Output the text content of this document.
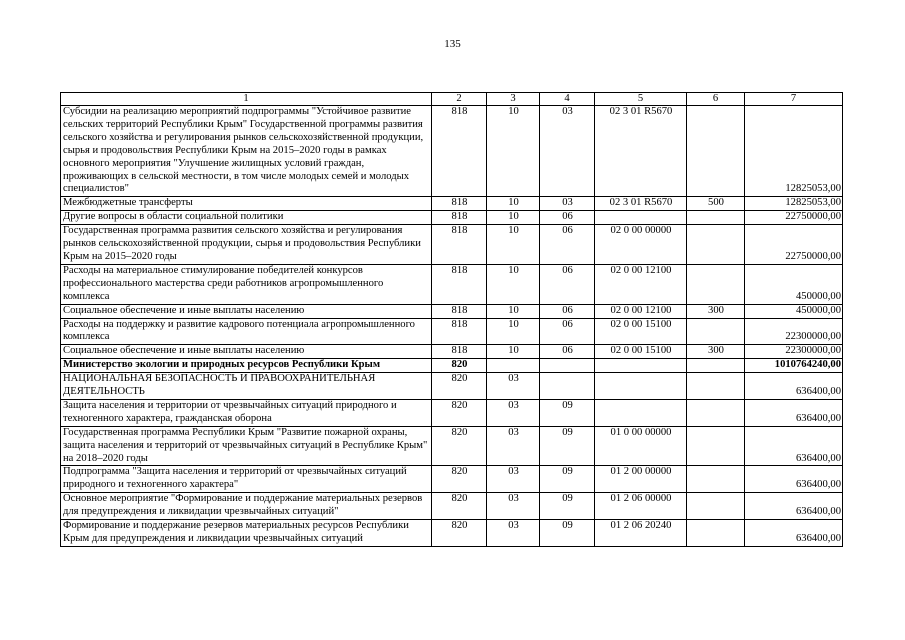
135
1	2	3	4	5	6	7
Субсидии на реализацию мероприятий подпрограммы "Устойчивое развитие сельских территорий Республики Крым" Государственной программы развития сельского хозяйства и регулирования рынков сельскохозяйственной продукции, сырья и продовольствия Республики Крым на 2015–2020 годы в рамках основного мероприятия "Улучшение жилищных условий граждан, проживающих в сельской местности, в том числе молодых семей и молодых специалистов"	818	10	03	02 3 01 R5670		12825053,00
Межбюджетные трансферты	818	10	03	02 3 01 R5670	500	12825053,00
Другие вопросы в области социальной политики	818	10	06			22750000,00
Государственная программа развития сельского хозяйства и регулирования рынков сельскохозяйственной продукции, сырья и продовольствия Республики Крым на 2015–2020 годы	818	10	06	02 0 00 00000		22750000,00
Расходы на материальное стимулирование победителей конкурсов профессионального мастерства среди работников агропромышленного комплекса	818	10	06	02 0 00 12100		450000,00
Социальное обеспечение и иные выплаты населению	818	10	06	02 0 00 12100	300	450000,00
Расходы на поддержку и развитие кадрового потенциала агропромышленного комплекса	818	10	06	02 0 00 15100		22300000,00
Социальное обеспечение и иные выплаты населению	818	10	06	02 0 00 15100	300	22300000,00
Министерство экологии и природных ресурсов Республики Крым	820					1010764240,00
НАЦИОНАЛЬНАЯ БЕЗОПАСНОСТЬ И ПРАВООХРАНИТЕЛЬНАЯ ДЕЯТЕЛЬНОСТЬ	820	03				636400,00
Защита населения и территории от чрезвычайных ситуаций природного и техногенного характера, гражданская оборона	820	03	09			636400,00
Государственная программа Республики Крым "Развитие пожарной охраны, защита населения и территорий от чрезвычайных ситуаций в Республике Крым" на 2018–2020 годы	820	03	09	01 0 00 00000		636400,00
Подпрограмма "Защита населения и территорий от чрезвычайных ситуаций природного и техногенного характера"	820	03	09	01 2 00 00000		636400,00
Основное мероприятие "Формирование и поддержание материальных резервов для предупреждения и ликвидации чрезвычайных ситуаций"	820	03	09	01 2 06 00000		636400,00
Формирование и поддержание резервов материальных ресурсов Республики Крым для предупреждения и ликвидации чрезвычайных ситуаций	820	03	09	01 2 06 20240		636400,00
